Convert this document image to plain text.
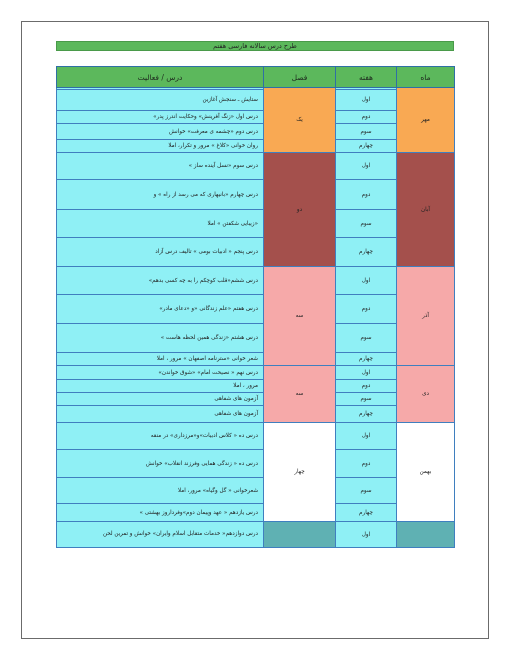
طرح درس سالانه فارسی هفتم
درس / فعالیت	فصل	هفته	ماه
	یک		مهر
ستایش ـ سنجش آغازین		اول	
درس اول «زنگ آفرینش» وحکایت اندرز پدر»		دوم	
درس دوم «چشمه ی معرفت» خوانش		سوم	
روان خوانی «کلاغ » مرور و تکرار، املا		چهارم	
درس سوم «نسل آینده ساز »	دو	اول	آبان
درس چهارم «بانیهاری که می رسد از راه » و		دوم	
«زیبایی شکفتن » املا		سوم	
درس پنجم « ادبیات بومی » تالیف درس آزاد		چهارم	
درس ششم«قلب کوچکم را به چه کسی بدهم»	سه	اول	آذر
درس هفتم «علم زندگانی «و «دعای مادر»		دوم	
درس هشتم «زندگی همین لحظه هاست »		سوم	
شعر خوانی «سترنامه اصفهان » مرور ، املا		چهارم	
درس نهم « نصیحت امام» «شوق خواندن»	سه	اول	دی
مرور ، املا		دوم	
آزمون های شفاهی		سوم	
آزمون های شفاهی		چهارم	
درس ده « کلاس ادبیات»و«مرزداری» در منقه	چهار	اول	بهمن
درس ده « زندگی همایی وفرزند انقلاب» خوانش		دوم	
شعرخوانی « گل وگیاه» مرور، املا		سوم	
درس یازدهم « عهد وپیمان دوم»وفرداروز بهشتی »		چهارم	
درس دوازدهم« خدمات متقابل اسلام وایران» خوانش و تمرین لحن		اول	
